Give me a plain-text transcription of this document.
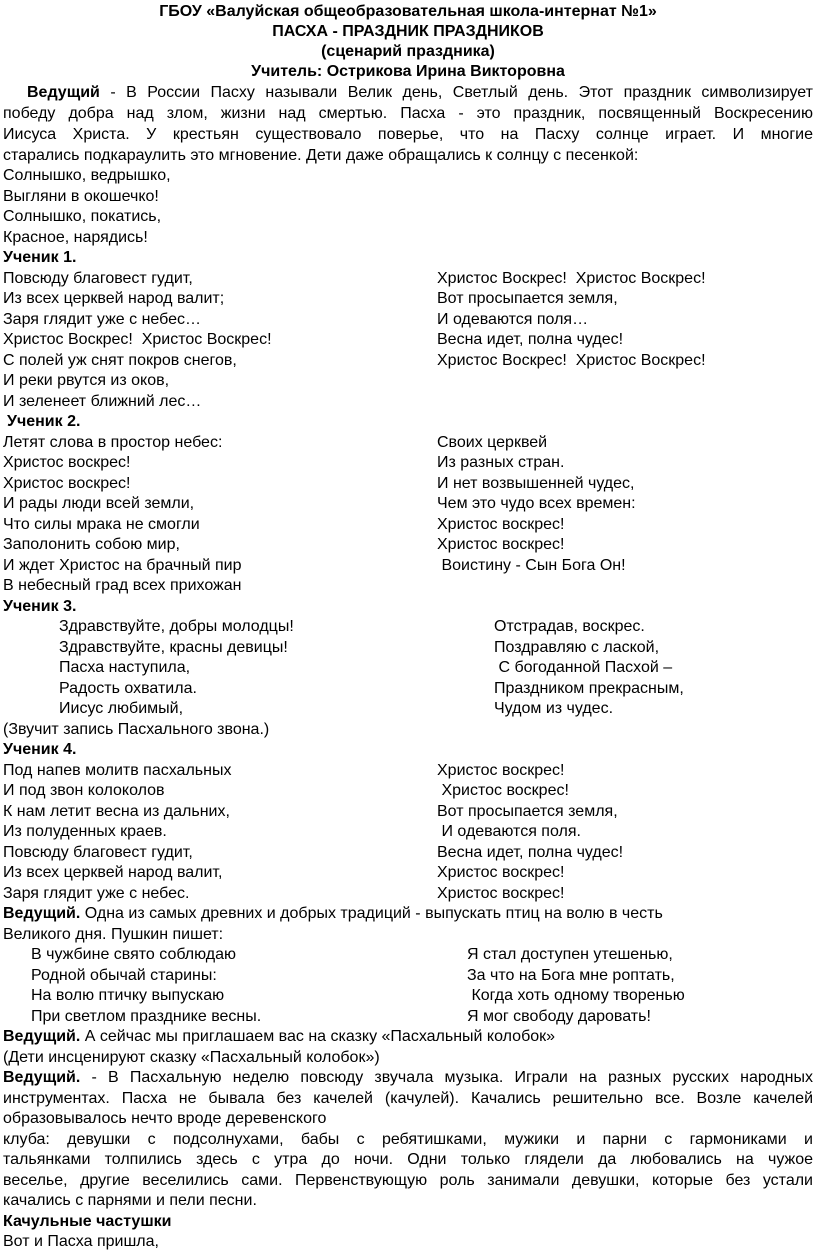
ГБОУ «Валуйская общеобразовательная школа-интернат №1»
ПАСХА - ПРАЗДНИК ПРАЗДНИКОВ
(сценарий праздника)
Учитель: Острикова Ирина Викторовна
Ведущий - В России Пасху называли Велик день, Светлый день. Этот праздник символизирует
победу добра над злом, жизни над смертью. Пасха - это праздник, посвященный Воскресению
Иисуса Христа. У крестьян существовало поверье, что на Пасху солнце играет. И многие
старались подкараулить это мгновение. Дети даже обращались к солнцу с песенкой:
Солнышко, ведрышко,
Выгляни в окошечко!
Солнышко, покатись,
Красное, нарядись!
Ученик 1.
Повсюду благовест гудит,
Из всех церквей народ валит;
Заря глядит уже с небес…
Христос Воскрес!  Христос Воскрес!
С полей уж снят покров снегов,
И реки рвутся из оков,
И зеленеет ближний лес…
Христос Воскрес!  Христос Воскрес!
Вот просыпается земля,
И одеваются поля…
Весна идет, полна чудес!
Христос Воскрес!  Христос Воскрес!
Ученик 2.
Летят слова в простор небес:
Христос воскрес!
Христос воскрес!
И рады люди всей земли,
Что силы мрака не смогли
Заполонить собою мир,
И ждет Христос на брачный пир
В небесный град всех прихожан
Своих церквей
Из разных стран.
И нет возвышенней чудес,
Чем это чудо всех времен:
Христос воскрес!
Христос воскрес!
Воистину - Сын Бога Он!
Ученик 3.
Здравствуйте, добры молодцы!
Здравствуйте, красны девицы!
Пасха наступила,
Радость охватила.
Иисус любимый,
Отстрадав, воскрес.
Поздравляю с лаской,
С богоданной Пасхой –
Праздником прекрасным,
Чудом из чудес.
(Звучит запись Пасхального звона.)
Ученик 4.
Под напев молитв пасхальных
И под звон колоколов
К нам летит весна из дальних,
Из полуденных краев.
Повсюду благовест гудит,
Из всех церквей народ валит,
Заря глядит уже с небес.
Христос воскрес!
Христос воскрес!
Вот просыпается земля,
И одеваются поля.
Весна идет, полна чудес!
Христос воскрес!
Христос воскрес!
Ведущий. Одна из самых древних и добрых традиций - выпускать птиц на волю в честь
Великого дня. Пушкин пишет:
В чужбине свято соблюдаю
Родной обычай старины:
На волю птичку выпускаю
При светлом празднике весны.
Я стал доступен утешенью,
За что на Бога мне роптать,
Когда хоть одному творенью
Я мог свободу даровать!
Ведущий. А сейчас мы приглашаем вас на сказку «Пасхальный колобок»
(Дети инсценируют сказку «Пасхальный колобок»)
Ведущий. - В Пасхальную неделю повсюду звучала музыка. Играли на разных русских народных
инструментах. Пасха не бывала без качелей (качулей). Качались решительно все. Возле качелей
образовывалось нечто вроде деревенского
клуба: девушки с подсолнухами, бабы с ребятишками, мужики и парни с гармониками и
тальянками толпились здесь с утра до ночи. Одни только глядели да любовались на чужое
веселье, другие веселились сами. Первенствующую роль занимали девушки, которые без устали
качались с парнями и пели песни.
Качульные частушки
Вот и Пасха пришла,
